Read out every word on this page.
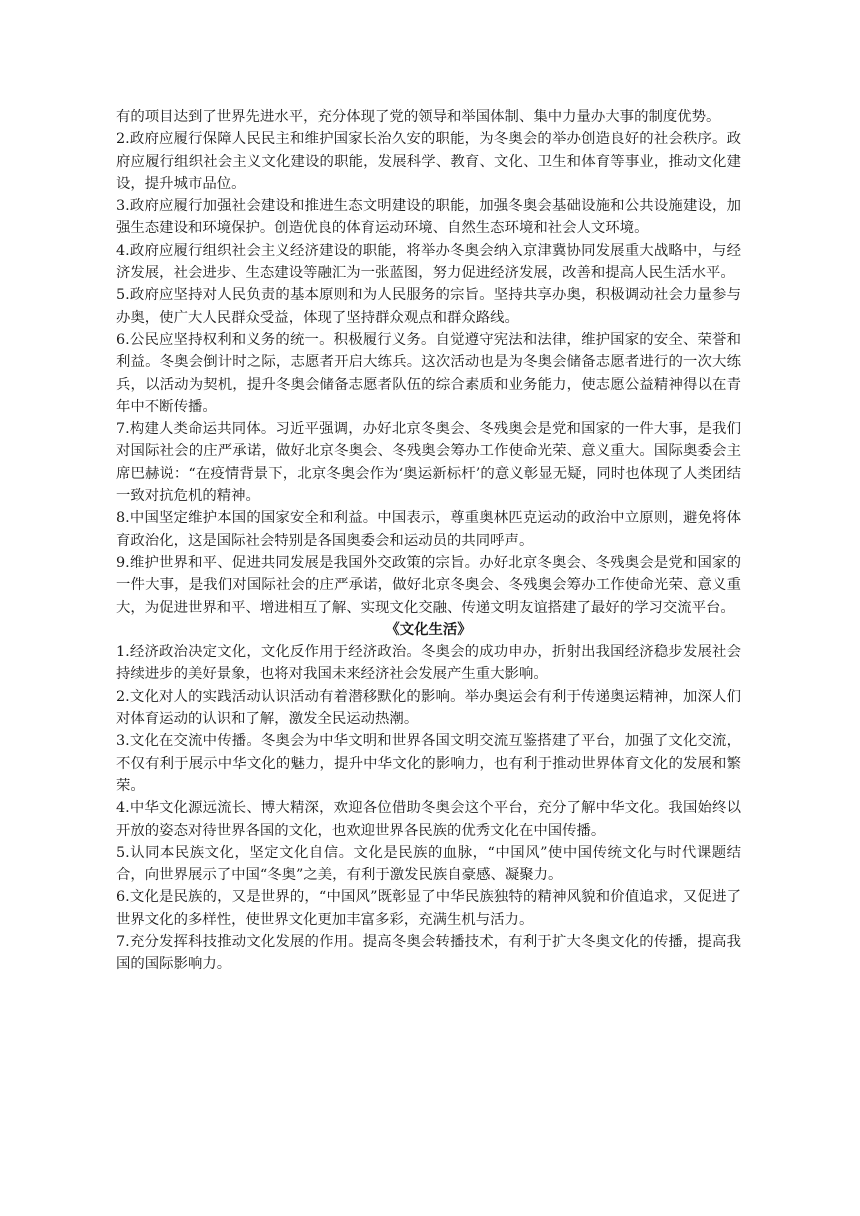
有的项目达到了世界先进水平，充分体现了党的领导和举国体制、集中力量办大事的制度优势。

2.政府应履行保障人民民主和维护国家长治久安的职能，为冬奥会的举办创造良好的社会秩序。政府应履行组织社会主义文化建设的职能，发展科学、教育、文化、卫生和体育等事业，推动文化建设，提升城市品位。

3.政府应履行加强社会建设和推进生态文明建设的职能，加强冬奥会基础设施和公共设施建设，加强生态建设和环境保护。创造优良的体育运动环境、自然生态环境和社会人文环境。

4.政府应履行组织社会主义经济建设的职能，将举办冬奥会纳入京津冀协同发展重大战略中，与经济发展，社会进步、生态建设等融汇为一张蓝图，努力促进经济发展，改善和提高人民生活水平。

5.政府应坚持对人民负责的基本原则和为人民服务的宗旨。坚持共享办奥，积极调动社会力量参与办奥，使广大人民群众受益，体现了坚持群众观点和群众路线。

6.公民应坚持权利和义务的统一。积极履行义务。自觉遵守宪法和法律，维护国家的安全、荣誉和利益。冬奥会倒计时之际，志愿者开启大练兵。这次活动也是为冬奥会储备志愿者进行的一次大练兵，以活动为契机，提升冬奥会储备志愿者队伍的综合素质和业务能力，使志愿公益精神得以在青年中不断传播。

7.构建人类命运共同体。习近平强调，办好北京冬奥会、冬残奥会是党和国家的一件大事，是我们对国际社会的庄严承诺，做好北京冬奥会、冬残奥会筹办工作使命光荣、意义重大。国际奥委会主席巴赫说：“在疫情背景下，北京冬奥会作为‘奥运新标杆’的意义彰显无疑，同时也体现了人类团结一致对抗危机的精神。

8.中国坚定维护本国的国家安全和利益。中国表示，尊重奥林匹克运动的政治中立原则，避免将体育政治化，这是国际社会特别是各国奥委会和运动员的共同呼声。

9.维护世界和平、促进共同发展是我国外交政策的宗旨。办好北京冬奥会、冬残奥会是党和国家的一件大事，是我们对国际社会的庄严承诺，做好北京冬奥会、冬残奥会筹办工作使命光荣、意义重大，为促进世界和平、增进相互了解、实现文化交融、传递文明友谊搭建了最好的学习交流平台。

《文化生活》

1.经济政治决定文化，文化反作用于经济政治。冬奥会的成功申办，折射出我国经济稳步发展社会持续进步的美好景象，也将对我国未来经济社会发展产生重大影响。

2.文化对人的实践活动认识活动有着潜移默化的影响。举办奥运会有利于传递奥运精神，加深人们对体育运动的认识和了解，激发全民运动热潮。

3.文化在交流中传播。冬奥会为中华文明和世界各国文明交流互鉴搭建了平台，加强了文化交流，不仅有利于展示中华文化的魅力，提升中华文化的影响力，也有利于推动世界体育文化的发展和繁荣。

4.中华文化源远流长、博大精深，欢迎各位借助冬奥会这个平台，充分了解中华文化。我国始终以开放的姿态对待世界各国的文化，也欢迎世界各民族的优秀文化在中国传播。

5.认同本民族文化，坚定文化自信。文化是民族的血脉，“中国风”使中国传统文化与时代课题结合，向世界展示了中国“冬奥”之美，有利于激发民族自豪感、凝聚力。

6.文化是民族的，又是世界的，“中国风”既彰显了中华民族独特的精神风貌和价值追求，又促进了世界文化的多样性，使世界文化更加丰富多彩，充满生机与活力。

7.充分发挥科技推动文化发展的作用。提高冬奥会转播技术，有利于扩大冬奥文化的传播，提高我国的国际影响力。
